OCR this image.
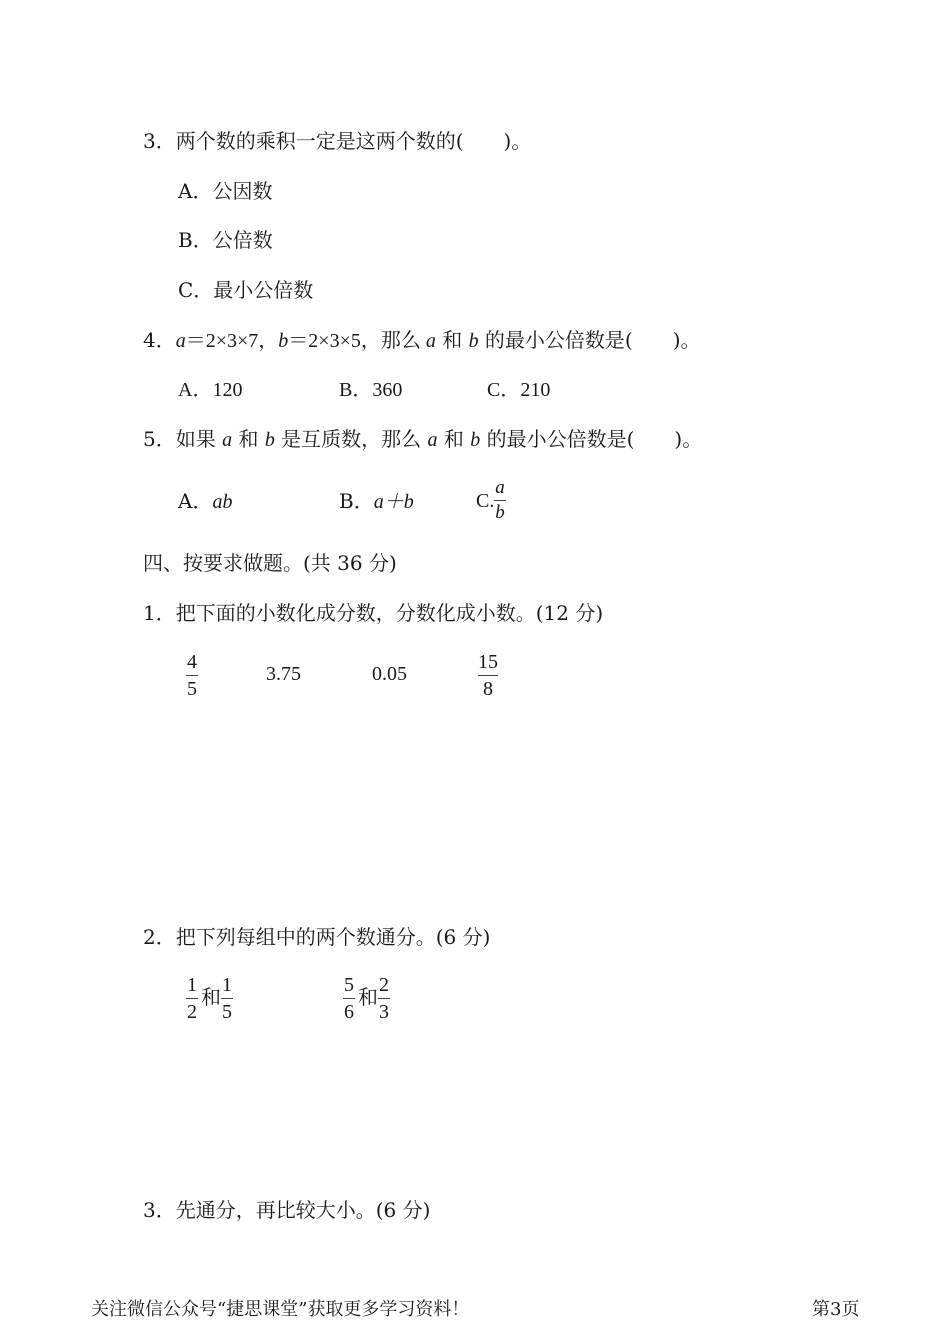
3．两个数的乘积一定是这两个数的(　　)。
A．公因数
B．公倍数
C．最小公倍数
4．a＝2×3×7，b＝2×3×5，那么 a 和 b 的最小公倍数是(　　)。
A．120	B．360	C．210
5．如果 a 和 b 是互质数，那么 a 和 b 的最小公倍数是(　　)。
A．ab	B．a＋b	C.
a
b
四、按要求做题。(共 36 分)
1．把下面的小数化成分数，分数化成小数。(12 分)
4
5
3.75	0.05
15
8
2．把下列每组中的两个数通分。(6 分)
1
2
和 1
5
5
6
和 2
3
3．先通分，再比较大小。(6 分)
关注微信公众号“捷思课堂”获取更多学习资料！	第3页
